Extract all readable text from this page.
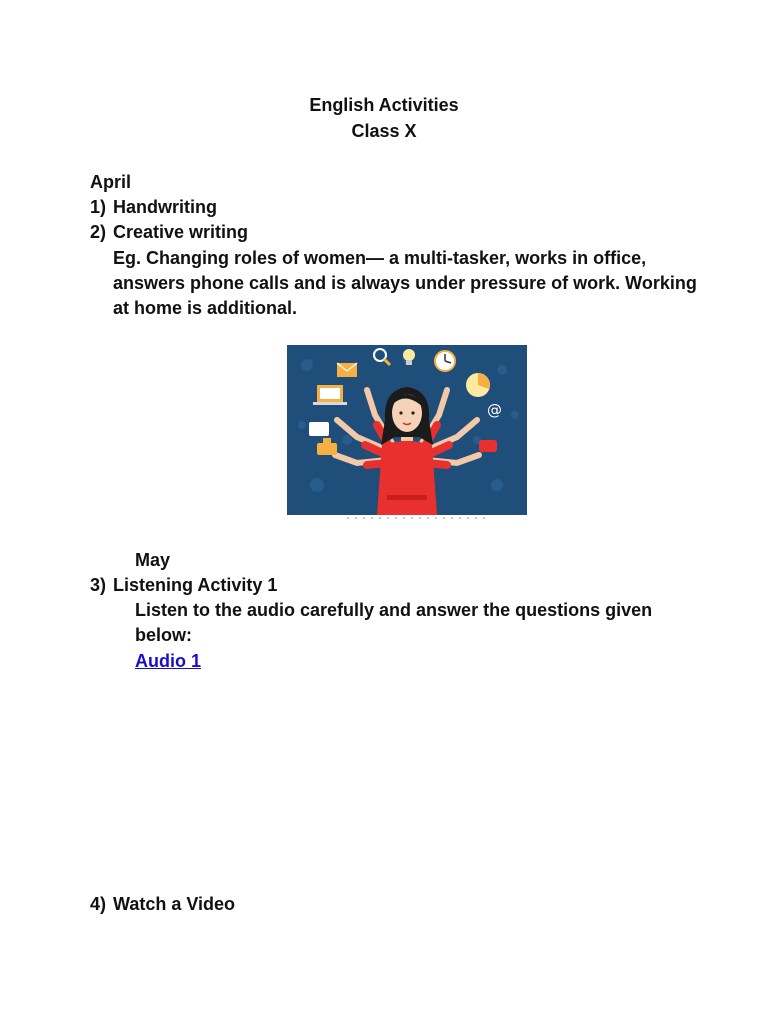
English Activities
Class X
April
1) Handwriting
2) Creative writing
Eg. Changing roles of women— a multi-tasker, works in office,
answers phone calls and is always under pressure of work. Working
at home is additional.
@
May
3) Listening Activity 1
Listen to the audio carefully and answer the questions given
below:
Audio 1
4) Watch a Video
